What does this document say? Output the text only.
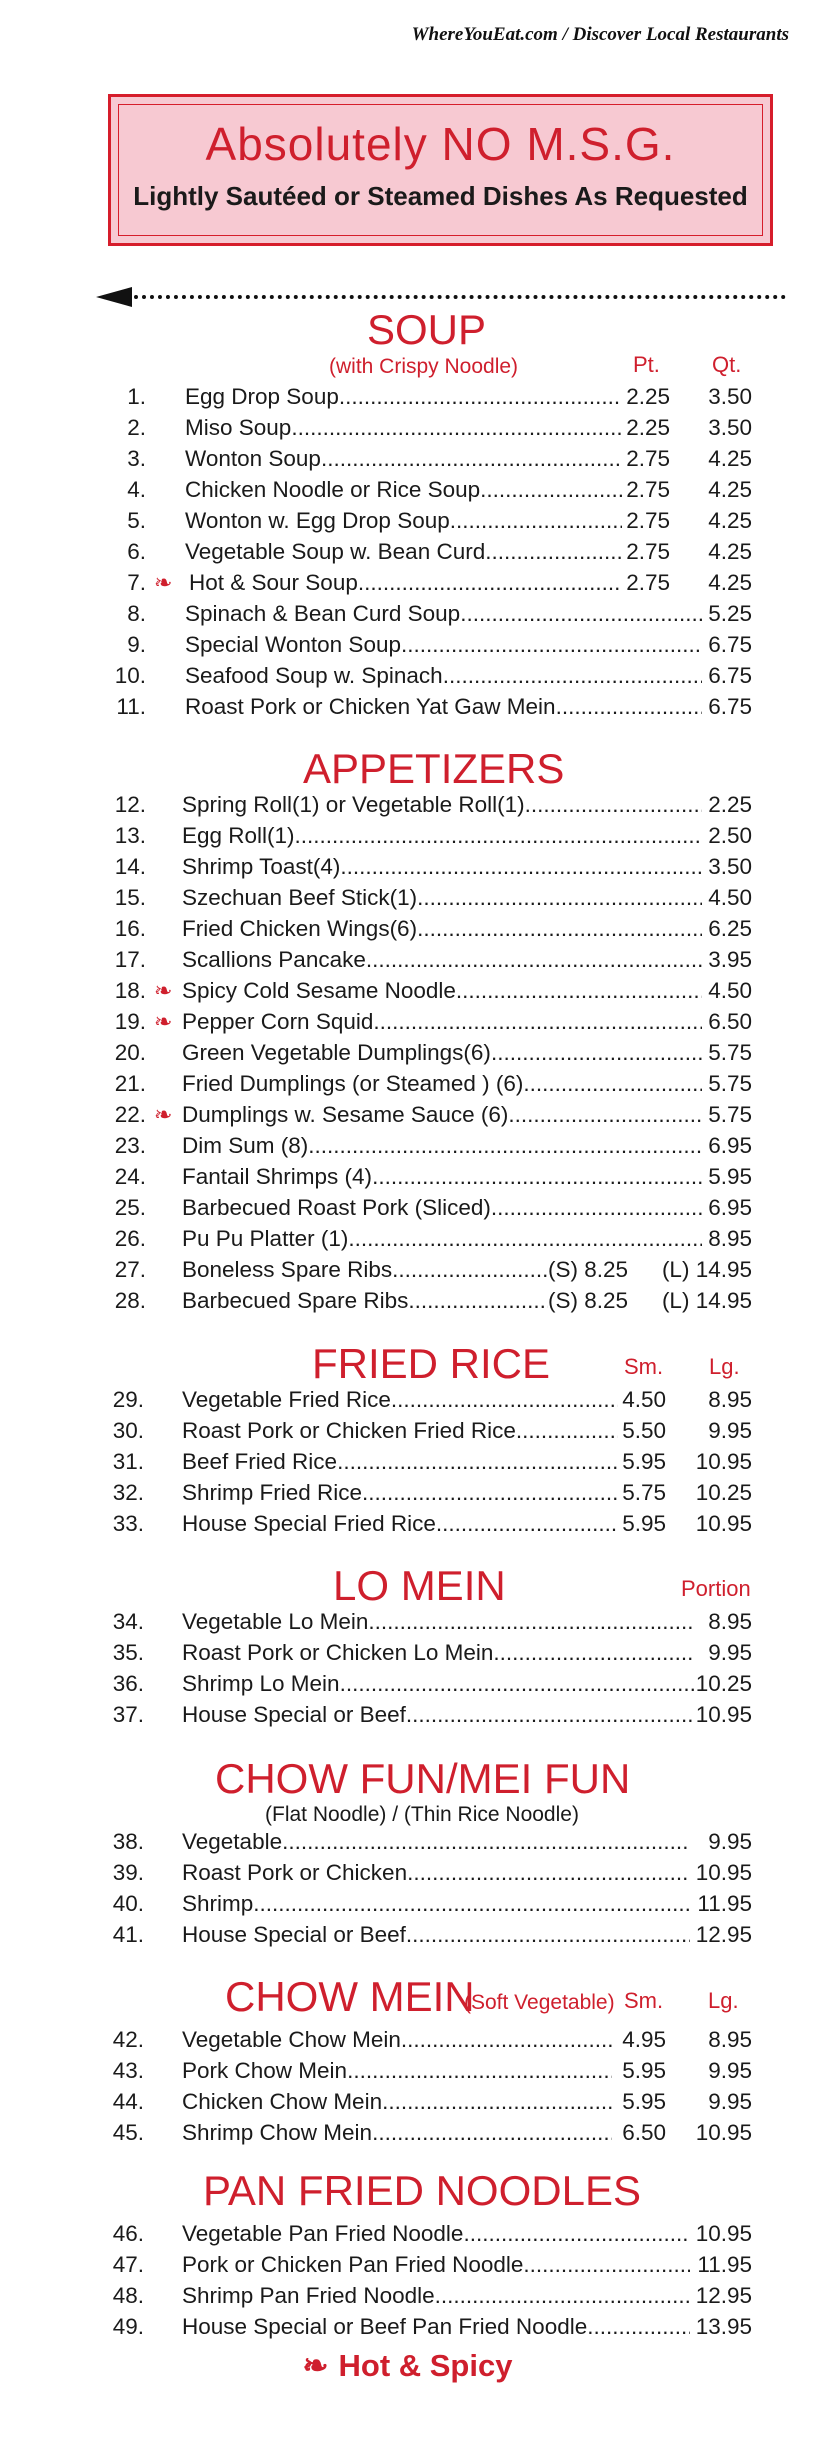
WhereYouEat.com / Discover Local Restaurants
Absolutely NO M.S.G.
Lightly Sautéed or Steamed Dishes As Requested
SOUP
(with Crispy Noodle)	Pt. Qt.
1. Egg Drop Soup .....	2.25 3.50
2. Miso Soup .....	2.25 3.50
3. Wonton Soup .....	2.75 4.25
4. Chicken Noodle or Rice Soup .....	2.75 4.25
5. Wonton w. Egg Drop Soup .....	2.75 4.25
6. Vegetable Soup w. Bean Curd .....	2.75 4.25
7. ❧ Hot & Sour Soup .....	2.75 4.25
8. Spinach & Bean Curd Soup .....	5.25
9. Special Wonton Soup .....	6.75
10. Seafood Soup w. Spinach .....	6.75
11. Roast Pork or Chicken Yat Gaw Mein .....	6.75
APPETIZERS
12. Spring Roll(1) or Vegetable Roll(1) .....	2.25
13. Egg Roll(1) .....	2.50
14. Shrimp Toast(4) .....	3.50
15. Szechuan Beef Stick(1) .....	4.50
16. Fried Chicken Wings(6) .....	6.25
17. Scallions Pancake .....	3.95
18. ❧ Spicy Cold Sesame Noodle .....	4.50
19. ❧ Pepper Corn Squid .....	6.50
20. Green Vegetable Dumplings(6) .....	5.75
21. Fried Dumplings (or Steamed ) (6) .....	5.75
22. ❧ Dumplings w. Sesame Sauce (6) .....	5.75
23. Dim Sum (8) .....	6.95
24. Fantail Shrimps (4) .....	5.95
25. Barbecued Roast Pork (Sliced) .....	6.95
26. Pu Pu Platter (1) .....	8.95
27. Boneless Spare Ribs .....	(S) 8.25 (L) 14.95
28. Barbecued Spare Ribs .....	(S) 8.25 (L) 14.95
FRIED RICE	Sm. Lg.
29. Vegetable Fried Rice .....	4.50 8.95
30. Roast Pork or Chicken Fried Rice .....	5.50 9.95
31. Beef Fried Rice .....	5.95 10.95
32. Shrimp Fried Rice .....	5.75 10.25
33. House Special Fried Rice .....	5.95 10.95
LO MEIN	Portion
34. Vegetable Lo Mein .....	8.95
35. Roast Pork or Chicken Lo Mein .....	9.95
36. Shrimp Lo Mein .....	10.25
37. House Special or Beef .....	10.95
CHOW FUN/MEI FUN
(Flat Noodle) / (Thin Rice Noodle)
38. Vegetable .....	9.95
39. Roast Pork or Chicken .....	10.95
40. Shrimp .....	11.95
41. House Special or Beef .....	12.95
CHOW MEIN
(Soft Vegetable) Sm. Lg.
42. Vegetable Chow Mein .....	4.95 8.95
43. Pork Chow Mein .....	5.95 9.95
44. Chicken Chow Mein .....	5.95 9.95
45. Shrimp Chow Mein .....	6.50 10.95
PAN FRIED NOODLES
46. Vegetable Pan Fried Noodle .....	10.95
47. Pork or Chicken Pan Fried Noodle .....	11.95
48. Shrimp Pan Fried Noodle .....	12.95
49. House Special or Beef Pan Fried Noodle .....	13.95
❧ Hot & Spicy
